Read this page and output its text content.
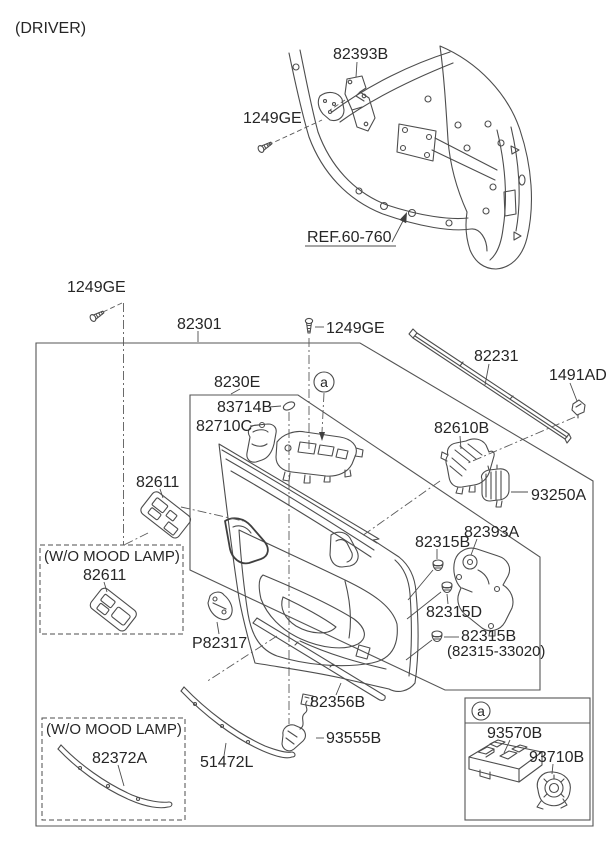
(DRIVER)
82393B
1249GE
REF.60-760
a
a
1249GE
82301	1249GE
82231
1491AD
8230E
83714B
82710C	82610B
93250A
82611
82315B
82393A
82315D
82315B
(82315-33020)
82356B
93555B
51472L
P82317
(W/O MOOD LAMP)
82611
(W/O MOOD LAMP)
82372A
93570B
93710B
